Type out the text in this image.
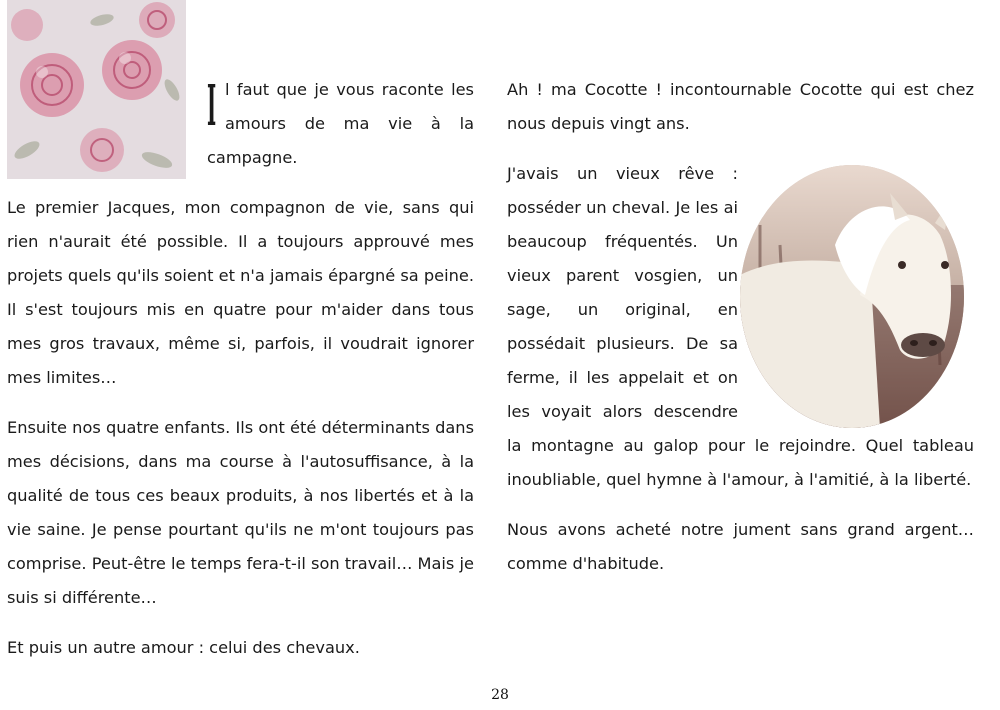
Il faut que je vous raconte les amours de ma vie à la campagne.

Le premier Jacques, mon compagnon de vie, sans qui rien n'aurait été possible. Il a toujours approuvé mes projets quels qu'ils soient et n'a jamais épargné sa peine. Il s'est toujours mis en quatre pour m'aider dans tous mes gros travaux, même si, parfois, il voudrait ignorer mes limites…

Ensuite nos quatre enfants. Ils ont été déterminants dans mes décisions, dans ma course à l'autosuffisance, à la qualité de tous ces beaux produits, à nos libertés et à la vie saine. Je pense pourtant qu'ils ne m'ont toujours pas comprise. Peut-être le temps fera-t-il son travail… Mais je suis si différente…

Et puis un autre amour : celui des chevaux.

Ah ! ma Cocotte ! incontournable Cocotte qui est chez nous depuis vingt ans.

J'avais un vieux rêve : posséder un cheval. Je les ai beaucoup fréquentés. Un vieux parent vosgien, un sage, un original, en possédait plusieurs. De sa ferme, il les appelait et on les voyait alors descendre la montagne au galop pour le rejoindre. Quel tableau inoubliable, quel hymne à l'amour, à l'amitié, à la liberté.

Nous avons acheté notre jument sans grand argent… comme d'habitude.

28
